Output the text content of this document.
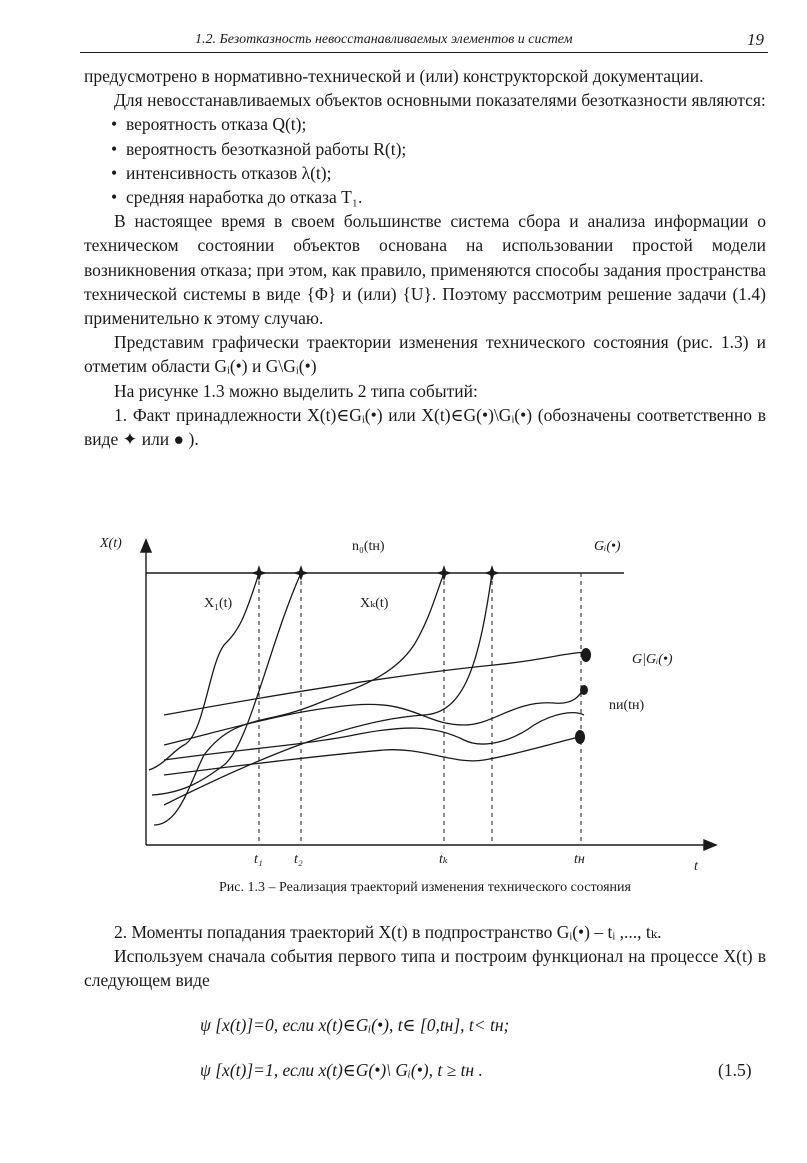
1.2. Безотказность невосстанавливаемых элементов и систем	19

предусмотрено в нормативно-технической и (или) конструкторской документации.

Для невосстанавливаемых объектов основными показателями безотказности являются:

• вероятность отказа Q(t);
• вероятность безотказной работы R(t);
• интенсивность отказов λ(t);
• средняя наработка до отказа T₁.

В настоящее время в своем большинстве система сбора и анализа информации о техническом состоянии объектов основана на использовании простой модели возникновения отказа; при этом, как правило, применяются способы задания пространства технической системы в виде {Φ} и (или) {U}. Поэтому рассмотрим решение задачи (1.4) применительно к этому случаю.

Представим графически траектории изменения технического состояния (рис. 1.3) и отметим области Gᵢ(•) и G\Gᵢ(•)

На рисунке 1.3 можно выделить 2 типа событий:

1. Факт принадлежности X(t)∈Gᵢ(•) или X(t)∈G(•)\Gᵢ(•) (обозначены соответственно в виде ✦ или ● ).

X(t)
t
n₀(tн)	Gᵢ(•)
G|Gᵢ(•)
nи(tн)
X₁(t)	Xₖ(t)
t₁ t₂	tₖ	tн
Рис. 1.3 – Реализация траекторий изменения технического состояния

2. Моменты попадания траекторий X(t) в подпространство Gᵢ(•) – tᵢ ,..., tₖ.

Используем сначала события первого типа и построим функционал на процессе X(t) в следующем виде

ψ [x(t)]=0, если x(t)∈Gᵢ(•), t∈ [0,tн], t< tн;
ψ [x(t)]=1, если x(t)∈G(•)\ Gᵢ(•), t ≥ tн .	(1.5)
